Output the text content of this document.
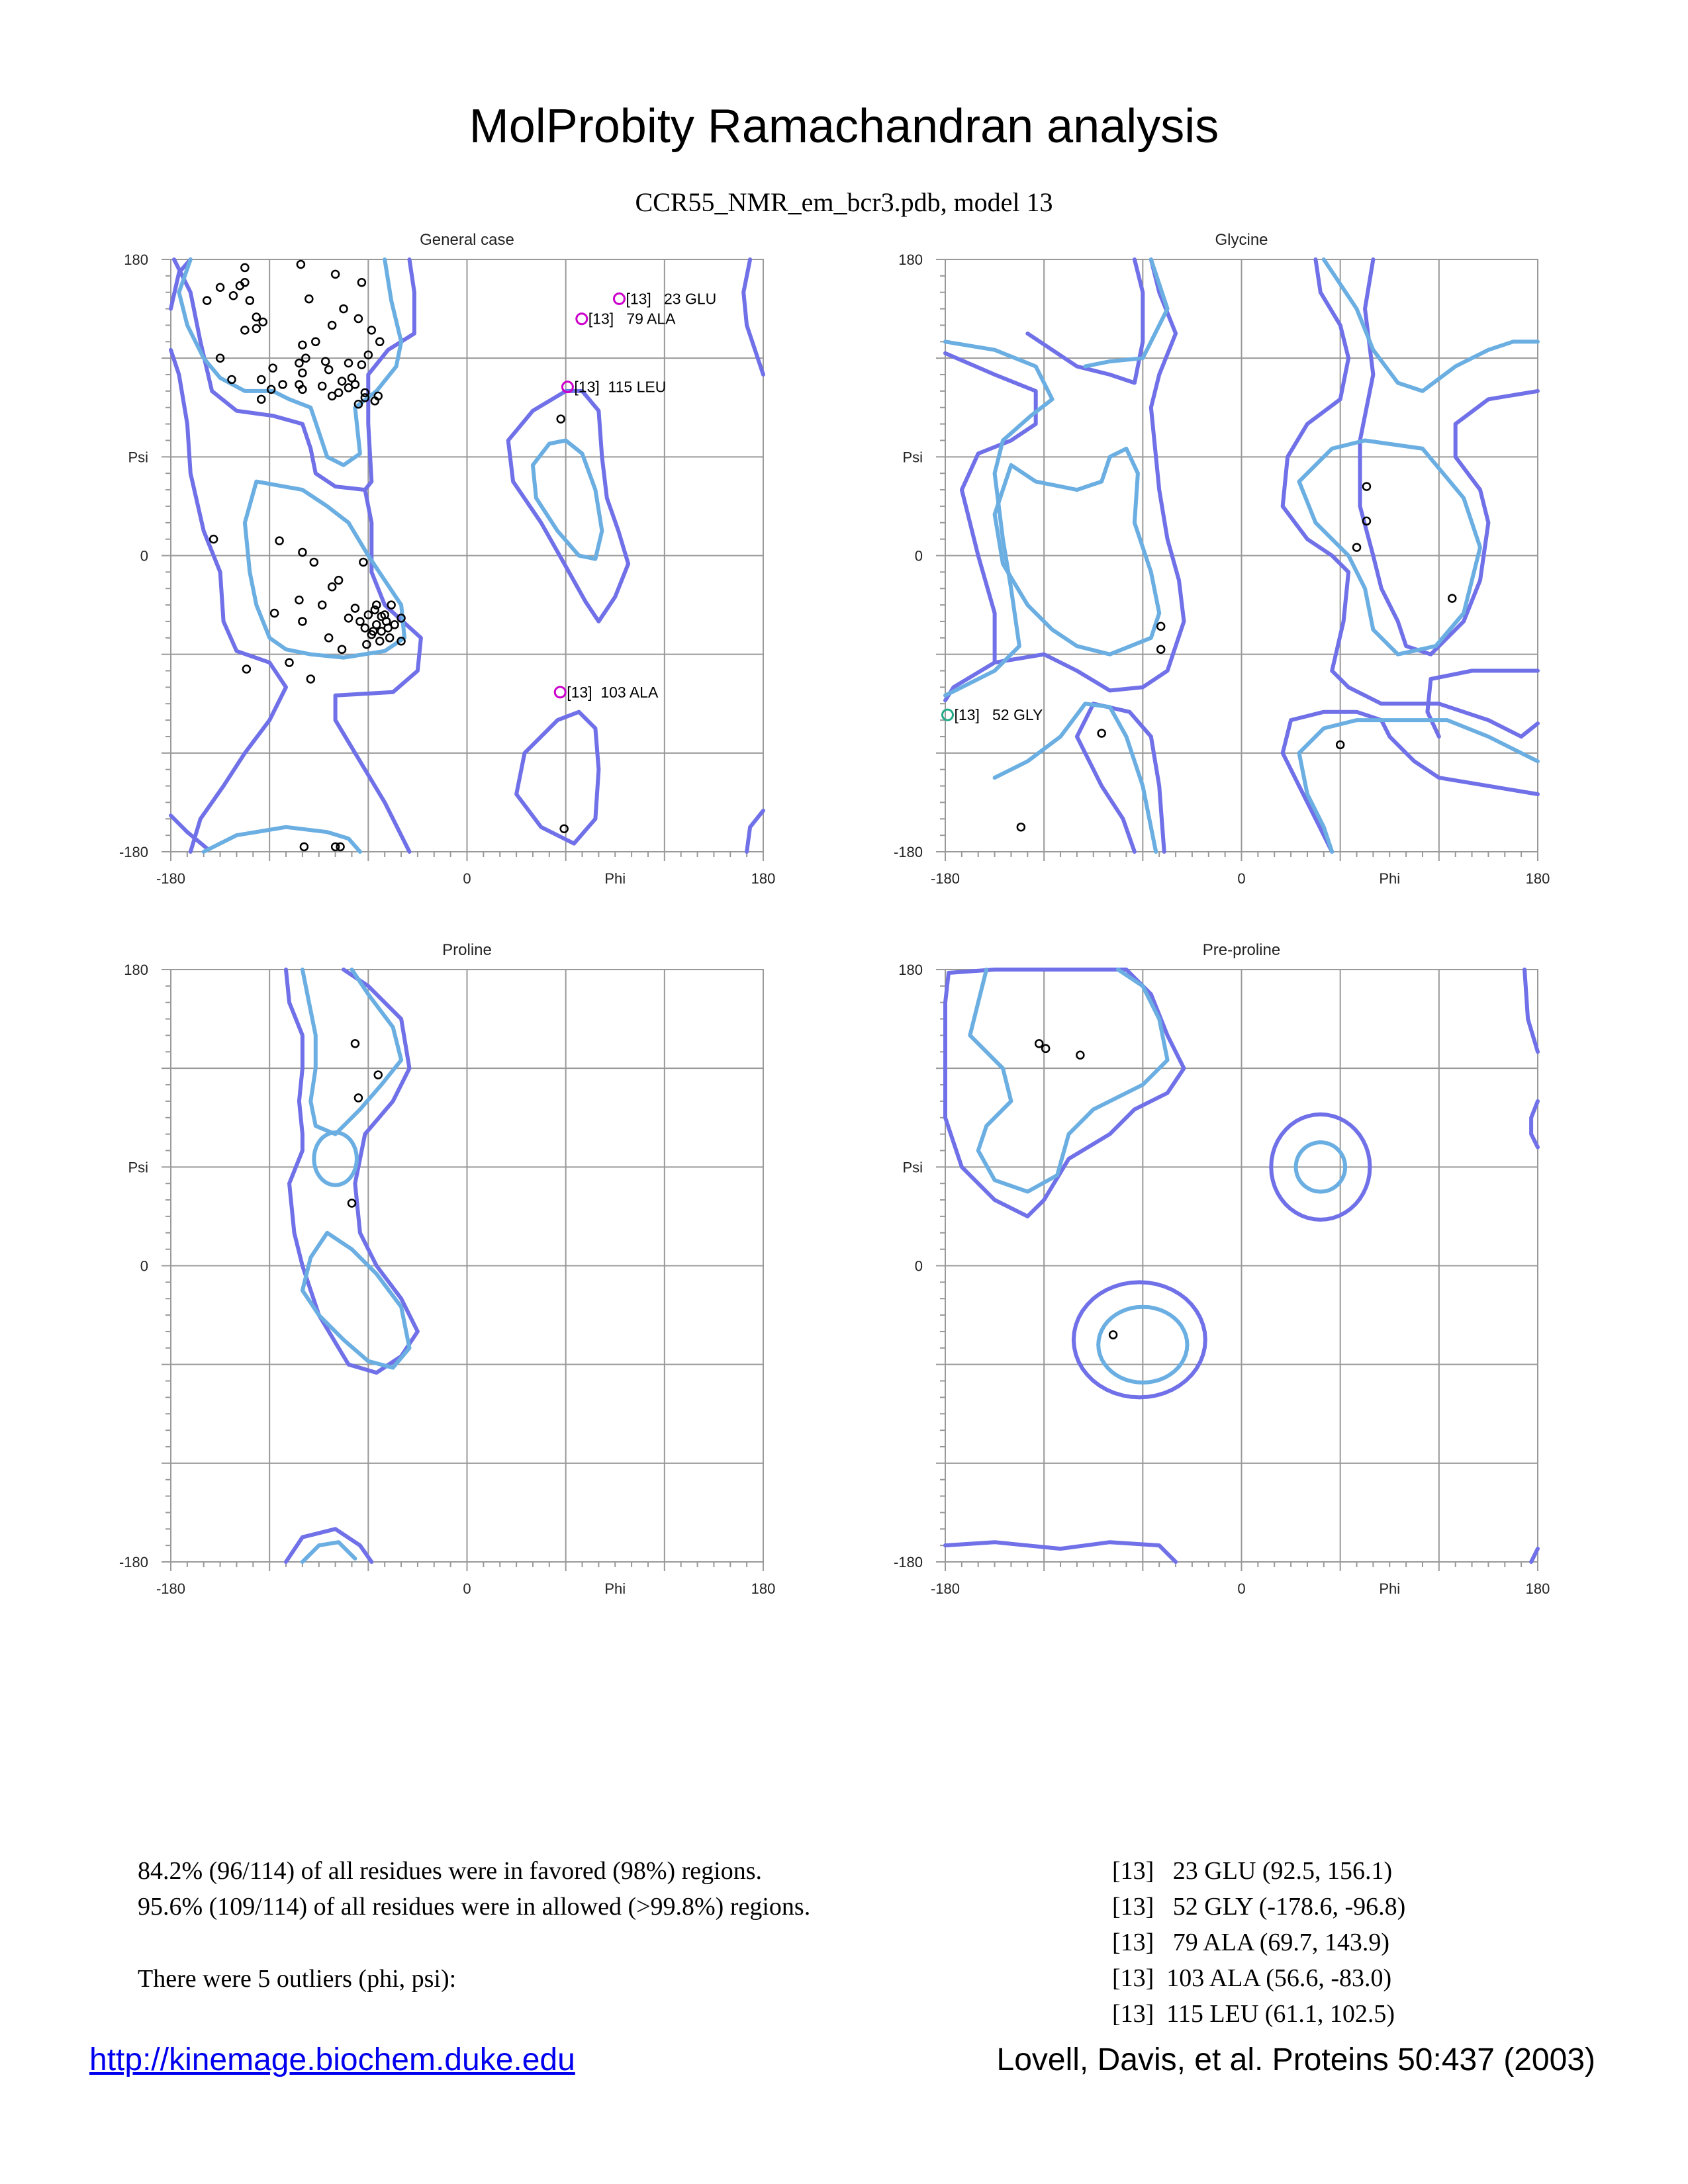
MolProbity Ramachandran analysis
CCR55_NMR_em_bcr3.pdb, model 13
General case
180
0
-180
Psi
-180	0	180
Phi
[13]   23 GLU
[13]   79 ALA
[13]  115 LEU
[13]  103 ALA
Glycine
180
0
-180
Psi
-180	0	180
Phi
[13]   52 GLY
Proline
180
0
-180
Psi
-180	0	180
Phi
Pre-proline
180
0
-180
Psi
-180	0	180
Phi
84.2% (96/114) of all residues were in favored (98%) regions.
95.6% (109/114) of all residues were in allowed (>99.8%) regions.
There were 5 outliers (phi, psi):
[13]   23 GLU (92.5, 156.1)
[13]   52 GLY (-178.6, -96.8)
[13]   79 ALA (69.7, 143.9)
[13]  103 ALA (56.6, -83.0)
[13]  115 LEU (61.1, 102.5)
http://kinemage.biochem.duke.edu	Lovell, Davis, et al. Proteins 50:437 (2003)
